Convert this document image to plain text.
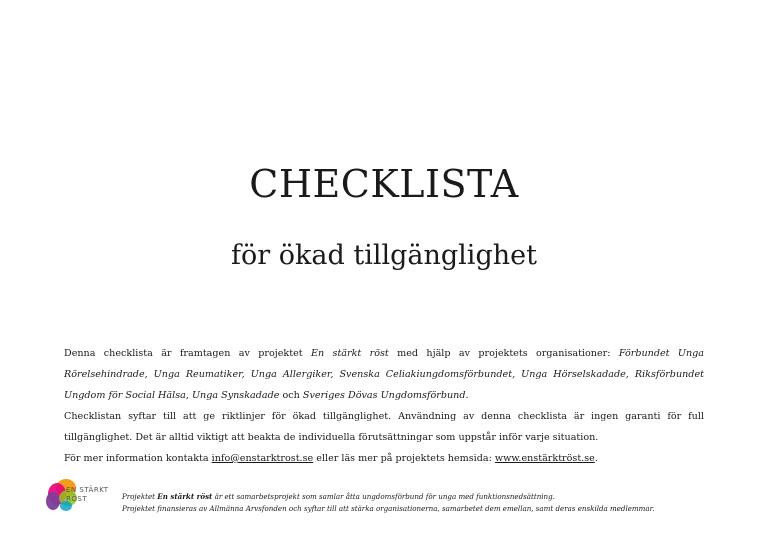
CHECKLISTA
för ökad tillgänglighet

Denna checklista är framtagen av projektet En stärkt röst med hjälp av projektets organisationer: Förbundet Unga Rörelsehindrade, Unga Reumatiker, Unga Allergiker, Svenska Celiakiungdomsförbundet, Unga Hörselskadade, Riksförbundet Ungdom för Social Hälsa, Unga Synskadade och Sveriges Dövas Ungdomsförbund.

Checklistan syftar till att ge riktlinjer för ökad tillgänglighet. Användning av denna checklista är ingen garanti för full tillgänglighet. Det är alltid viktigt att beakta de individuella förutsättningar som uppstår inför varje situation.

För mer information kontakta info@enstarktrost.se eller läs mer på projektets hemsida: www.enstärktröst.se.

EN STÄRKT
RÖST	Projektet En stärkt röst är ett samarbetsprojekt som samlar åtta ungdomsförbund för unga med funktionsnedsättning.
Projektet finansieras av Allmänna Arvsfonden och syftar till att stärka organisationerna, samarbetet dem emellan, samt deras enskilda medlemmar.
